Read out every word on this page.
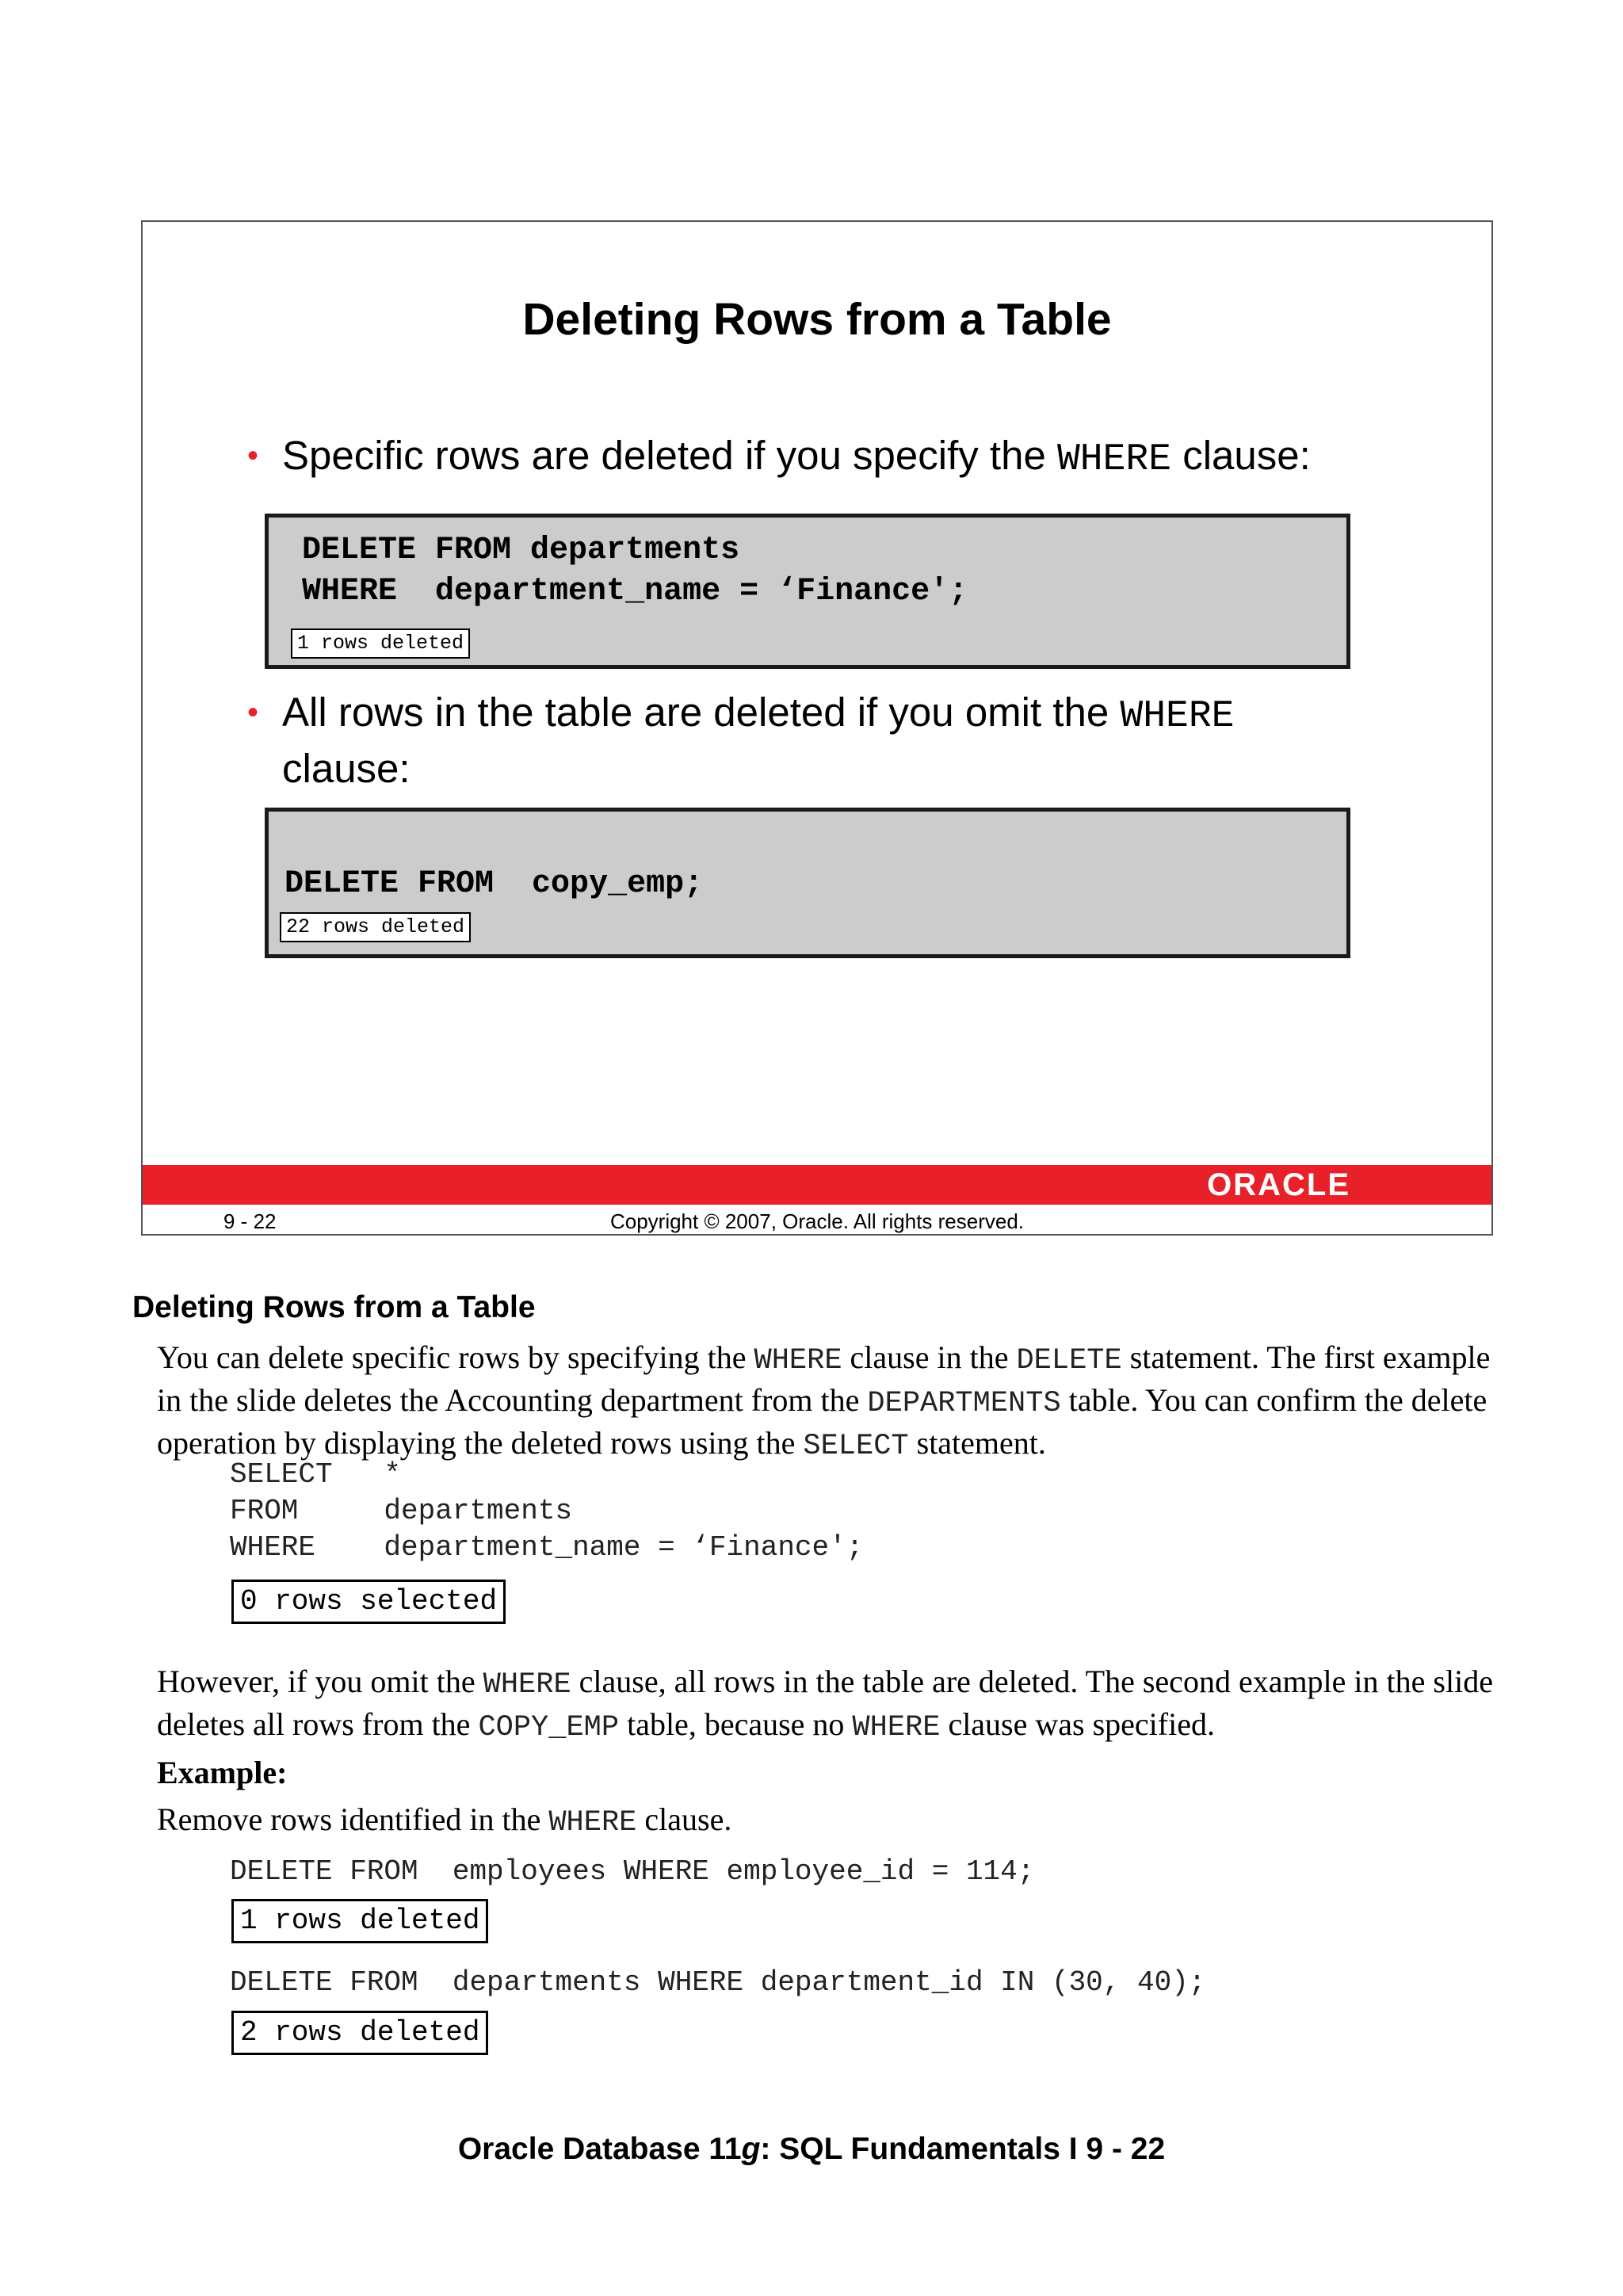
Deleting Rows from a Table
• Specific rows are deleted if you specify the WHERE clause:
DELETE FROM departments
WHERE  department_name = ‘Finance';
1 rows deleted
• All rows in the table are deleted if you omit the WHERE clause:
DELETE FROM  copy_emp;
22 rows deleted
ORACLE
9 - 22	Copyright © 2007, Oracle. All rights reserved.
Deleting Rows from a Table
You can delete specific rows by specifying the WHERE clause in the DELETE statement. The first example in the slide deletes the Accounting department from the DEPARTMENTS table. You can confirm the delete operation by displaying the deleted rows using the SELECT statement.
SELECT   *
FROM     departments
WHERE    department_name = ‘Finance';
0 rows selected
However, if you omit the WHERE clause, all rows in the table are deleted. The second example in the slide deletes all rows from the COPY_EMP table, because no WHERE clause was specified.
Example:
Remove rows identified in the WHERE clause.
DELETE FROM  employees WHERE employee_id = 114;
1 rows deleted
DELETE FROM  departments WHERE department_id IN (30, 40);
2 rows deleted
Oracle Database 11g: SQL Fundamentals I 9 - 22
